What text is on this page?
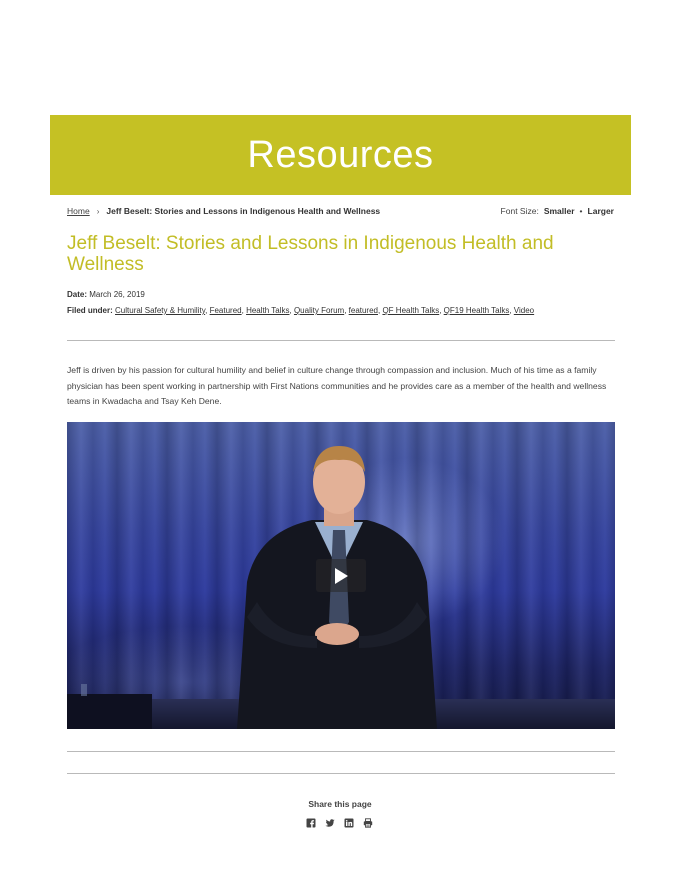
Resources
Home › Jeff Beselt: Stories and Lessons in Indigenous Health and Wellness	Font Size: Smaller • Larger
Jeff Beselt: Stories and Lessons in Indigenous Health and Wellness
Date: March 26, 2019
Filed under: Cultural Safety & Humility, Featured, Health Talks, Quality Forum, featured, QF Health Talks, QF19 Health Talks, Video

Jeff is driven by his passion for cultural humility and belief in culture change through compassion and inclusion. Much of his time as a family physician has been spent working in partnership with First Nations communities and he provides care as a member of the health and wellness teams in Kwadacha and Tsay Keh Dene.

Share this page
